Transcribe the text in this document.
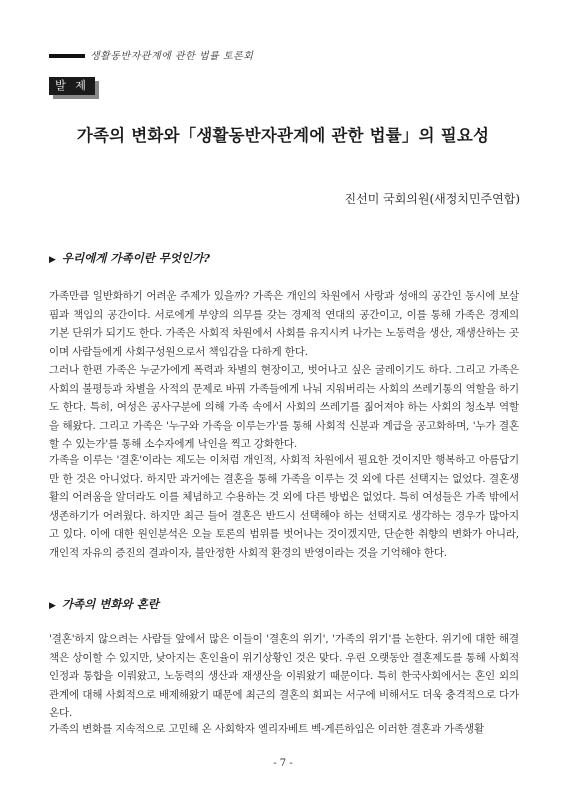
생활동반자관계에 관한 법률 토론회
발 제
가족의 변화와「생활동반자관계에 관한 법률」의 필요성
진선미 국회의원(새정치민주연합)
▶ 우리에게 가족이란 무엇인가?

가족만큼 일반화하기 어려운 주제가 있을까? 가족은 개인의 차원에서 사랑과 성애의 공간인 동시에 보살핌과 책임의 공간이다. 서로에게 부양의 의무를 갖는 경제적 연대의 공간이고, 이를 통해 가족은 경제의 기본 단위가 되기도 한다. 가족은 사회적 차원에서 사회를 유지시켜 나가는 노동력을 생산, 재생산하는 곳이며 사람들에게 사회구성원으로서 책임감을 다하게 한다.

그러나 한편 가족은 누군가에게 폭력과 차별의 현장이고, 벗어나고 싶은 굴레이기도 하다. 그리고 가족은 사회의 불평등과 차별을 사적의 문제로 바꿔 가족들에게 나눠 지워버리는 사회의 쓰레기통의 역할을 하기도 한다. 특히, 여성은 공사구분에 의해 가족 속에서 사회의 쓰레기를 짊어져야 하는 사회의 청소부 역할을 해왔다. 그리고 가족은 '누구와 가족을 이루는가'를 통해 사회적 신분과 계급을 공고화하며, '누가 결혼할 수 있는가'를 통해 소수자에게 낙인을 찍고 강화한다.

가족을 이루는 '결혼'이라는 제도는 이처럼 개인적, 사회적 차원에서 필요한 것이지만 행복하고 아름답기만 한 것은 아니었다. 하지만 과거에는 결혼을 통해 가족을 이루는 것 외에 다른 선택지는 없었다. 결혼생활의 어려움을 알더라도 이를 체념하고 수용하는 것 외에 다른 방법은 없었다. 특히 여성들은 가족 밖에서 생존하기가 어려웠다. 하지만 최근 들어 결혼은 반드시 선택해야 하는 선택지로 생각하는 경우가 많아지고 있다. 이에 대한 원인분석은 오늘 토론의 범위를 벗어나는 것이겠지만, 단순한 취향의 변화가 아니라, 개인적 자유의 증진의 결과이자, 불안정한 사회적 환경의 반영이라는 것을 기억해야 한다.

▶ 가족의 변화와 혼란

'결혼'하지 않으려는 사람들 앞에서 많은 이들이 '결혼의 위기', '가족의 위기'를 논한다. 위기에 대한 해결책은 상이할 수 있지만, 낮아지는 혼인율이 위기상황인 것은 맞다. 우린 오랫동안 결혼제도를 통해 사회적 인정과 통합을 이뤄왔고, 노동력의 생산과 재생산을 이뤄왔기 때문이다. 특히 한국사회에서는 혼인 외의 관계에 대해 사회적으로 배제해왔기 때문에 최근의 결혼의 회피는 서구에 비해서도 더욱 충격적으로 다가온다.

가족의 변화를 지속적으로 고민해 온 사회학자 엘리자베트 벡-게른하임은 이러한 결혼과 가족생활

- 7 -
